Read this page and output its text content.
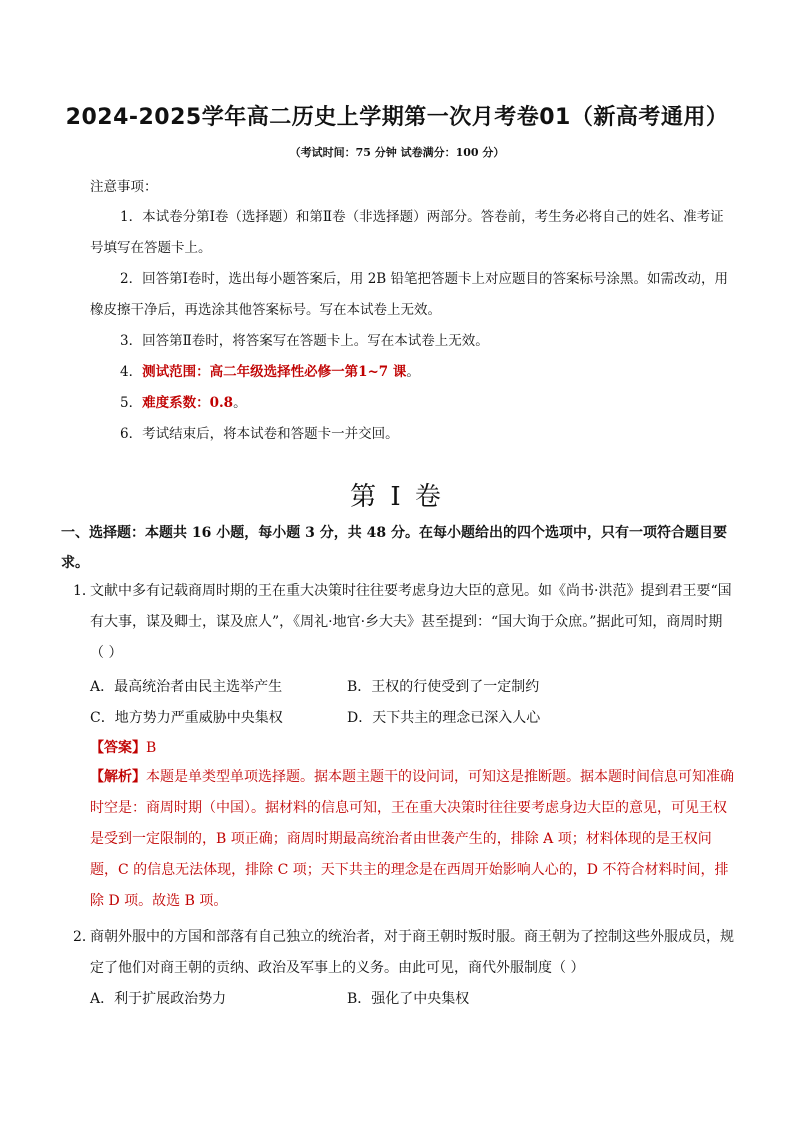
2024-2025学年高二历史上学期第一次月考卷01（新高考通用）
（考试时间：75 分钟 试卷满分：100 分）
注意事项：

1．本试卷分第Ⅰ卷（选择题）和第Ⅱ卷（非选择题）两部分。答卷前，考生务必将自己的姓名、准考证号填写在答题卡上。

2．回答第Ⅰ卷时，选出每小题答案后，用 2B 铅笔把答题卡上对应题目的答案标号涂黑。如需改动，用橡皮擦干净后，再选涂其他答案标号。写在本试卷上无效。

3．回答第Ⅱ卷时，将答案写在答题卡上。写在本试卷上无效。

4．测试范围：高二年级选择性必修一第1~7 课。

5．难度系数：0.8。

6．考试结束后，将本试卷和答题卡一并交回。

第 I 卷
一、选择题：本题共 16 小题，每小题 3 分，共 48 分。在每小题给出的四个选项中，只有一项符合题目要求。
1．
文献中多有记载商周时期的王在重大决策时往往要考虑身边大臣的意见。如《尚书·洪范》提到君王要“国有大事，谋及卿士，谋及庶人”，《周礼·地官·乡大夫》甚至提到：“国大询于众庶。”据此可知，商周时期（ ）
A．最高统治者由民主选举产生	B．王权的行使受到了一定制约
C．地方势力严重威胁中央集权	D．天下共主的理念已深入人心
【答案】B
【解析】本题是单类型单项选择题。据本题主题干的设问词，可知这是推断题。据本题时间信息可知准确时空是：商周时期（中国）。据材料的信息可知，王在重大决策时往往要考虑身边大臣的意见，可见王权是受到一定限制的，B 项正确；商周时期最高统治者由世袭产生的，排除 A 项；材料体现的是王权问题，C 的信息无法体现，排除 C 项；天下共主的理念是在西周开始影响人心的，D 不符合材料时间，排除 D 项。故选 B 项。
2．
商朝外服中的方国和部落有自己独立的统治者，对于商王朝时叛时服。商王朝为了控制这些外服成员，规定了他们对商王朝的贡纳、政治及军事上的义务。由此可见，商代外服制度（ ）
A．利于扩展政治势力	B．强化了中央集权
